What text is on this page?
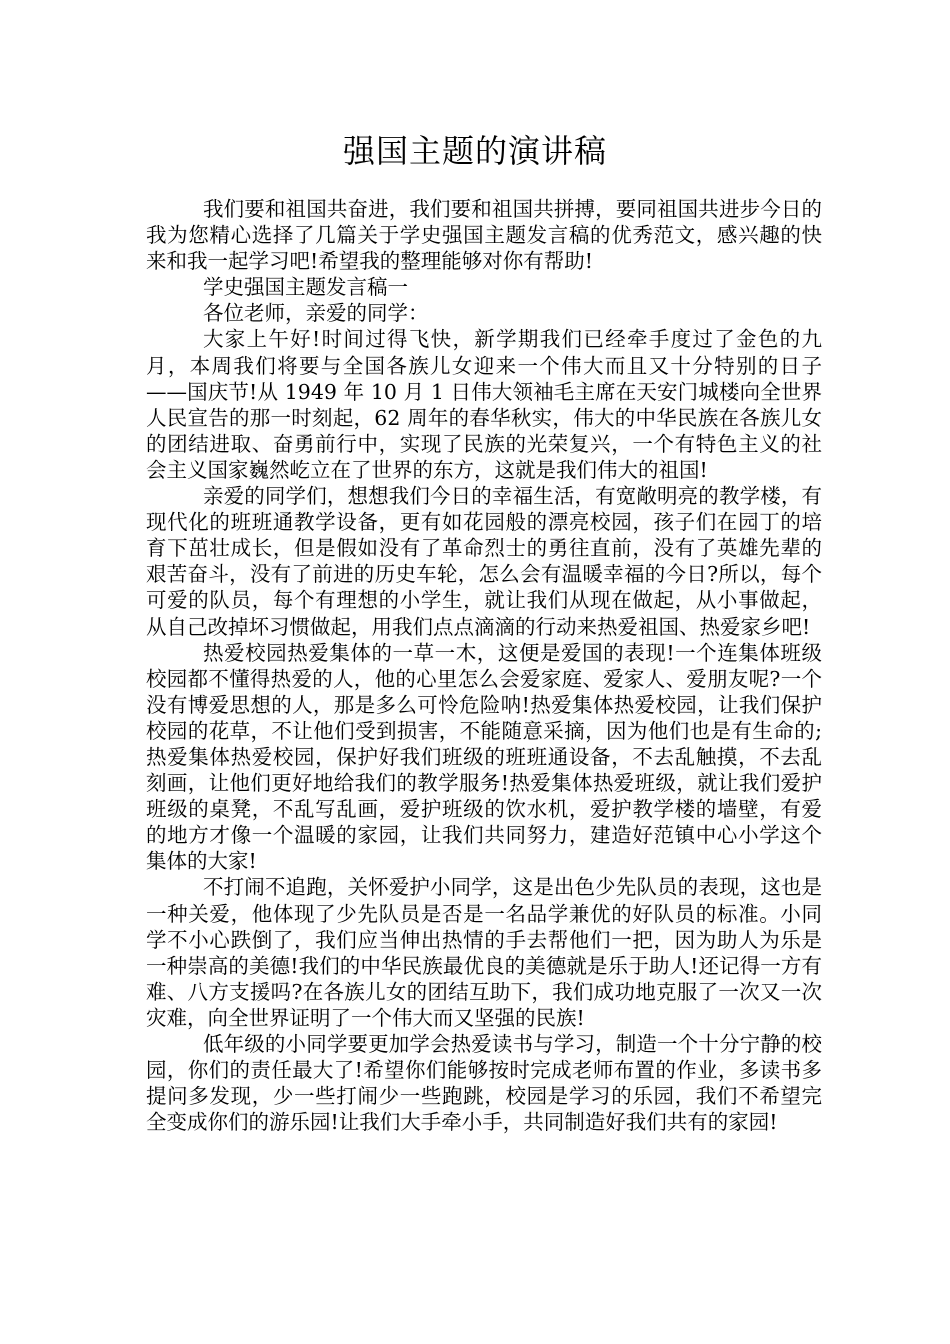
强国主题的演讲稿

我们要和祖国共奋进，我们要和祖国共拼搏，要同祖国共进步今日的我为您精心选择了几篇关于学史强国主题发言稿的优秀范文，感兴趣的快来和我一起学习吧!希望我的整理能够对你有帮助!

学史强国主题发言稿一

各位老师，亲爱的同学：

大家上午好!时间过得飞快，新学期我们已经牵手度过了金色的九月，本周我们将要与全国各族儿女迎来一个伟大而且又十分特别的日子——国庆节!从 1949 年 10 月 1 日伟大领袖毛主席在天安门城楼向全世界人民宣告的那一时刻起，62 周年的春华秋实，伟大的中华民族在各族儿女的团结进取、奋勇前行中，实现了民族的光荣复兴，一个有特色主义的社会主义国家巍然屹立在了世界的东方，这就是我们伟大的祖国!

亲爱的同学们，想想我们今日的幸福生活，有宽敞明亮的教学楼，有现代化的班班通教学设备，更有如花园般的漂亮校园，孩子们在园丁的培育下茁壮成长，但是假如没有了革命烈士的勇往直前，没有了英雄先辈的艰苦奋斗，没有了前进的历史车轮，怎么会有温暖幸福的今日?所以，每个可爱的队员，每个有理想的小学生，就让我们从现在做起，从小事做起，从自己改掉坏习惯做起，用我们点点滴滴的行动来热爱祖国、热爱家乡吧!

热爱校园热爱集体的一草一木，这便是爱国的表现!一个连集体班级校园都不懂得热爱的人，他的心里怎么会爱家庭、爱家人、爱朋友呢?一个没有博爱思想的人，那是多么可怜危险呐!热爱集体热爱校园，让我们保护校园的花草，不让他们受到损害，不能随意采摘，因为他们也是有生命的;热爱集体热爱校园，保护好我们班级的班班通设备，不去乱触摸，不去乱刻画，让他们更好地给我们的教学服务!热爱集体热爱班级，就让我们爱护班级的桌凳，不乱写乱画，爱护班级的饮水机，爱护教学楼的墙壁，有爱的地方才像一个温暖的家园，让我们共同努力，建造好范镇中心小学这个集体的大家!

不打闹不追跑，关怀爱护小同学，这是出色少先队员的表现，这也是一种关爱，他体现了少先队员是否是一名品学兼优的好队员的标准。小同学不小心跌倒了，我们应当伸出热情的手去帮他们一把，因为助人为乐是一种崇高的美德!我们的中华民族最优良的美德就是乐于助人!还记得一方有难、八方支援吗?在各族儿女的团结互助下，我们成功地克服了一次又一次灾难，向全世界证明了一个伟大而又坚强的民族!

低年级的小同学要更加学会热爱读书与学习，制造一个十分宁静的校园，你们的责任最大了!希望你们能够按时完成老师布置的作业，多读书多提问多发现，少一些打闹少一些跑跳，校园是学习的乐园，我们不希望完全变成你们的游乐园!让我们大手牵小手，共同制造好我们共有的家园!
